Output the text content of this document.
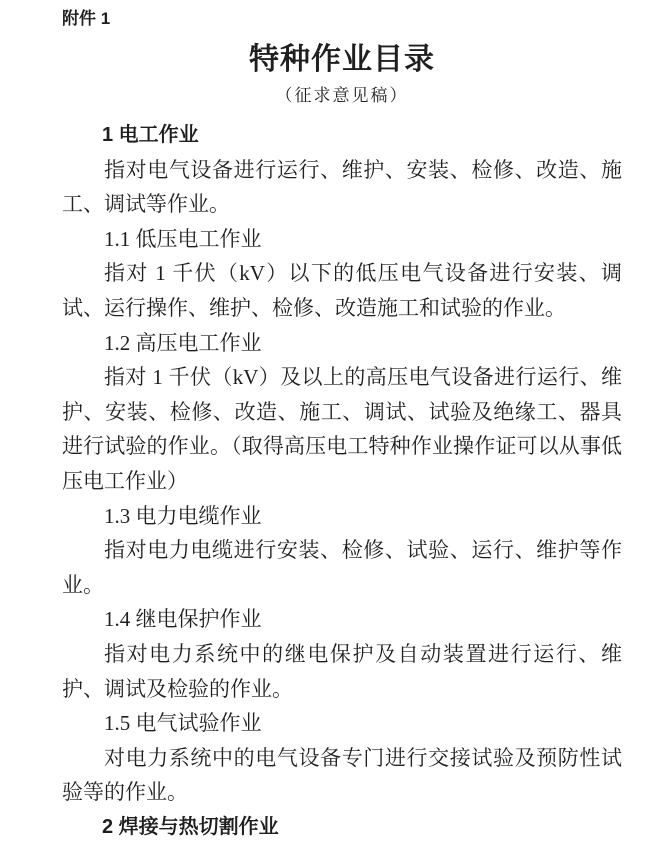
附件 1
特种作业目录
（征求意见稿）
1 电工作业

指对电气设备进行运行、维护、安装、检修、改造、施工、调试等作业。

1.1 低压电工作业

指对 1 千伏（kV）以下的低压电气设备进行安装、调试、运行操作、维护、检修、改造施工和试验的作业。

1.2 高压电工作业

指对 1 千伏（kV）及以上的高压电气设备进行运行、维护、安装、检修、改造、施工、调试、试验及绝缘工、器具进行试验的作业。（取得高压电工特种作业操作证可以从事低压电工作业）

1.3 电力电缆作业

指对电力电缆进行安装、检修、试验、运行、维护等作业。

1.4 继电保护作业

指对电力系统中的继电保护及自动装置进行运行、维护、调试及检验的作业。

1.5 电气试验作业

对电力系统中的电气设备专门进行交接试验及预防性试验等的作业。

2 焊接与热切割作业
